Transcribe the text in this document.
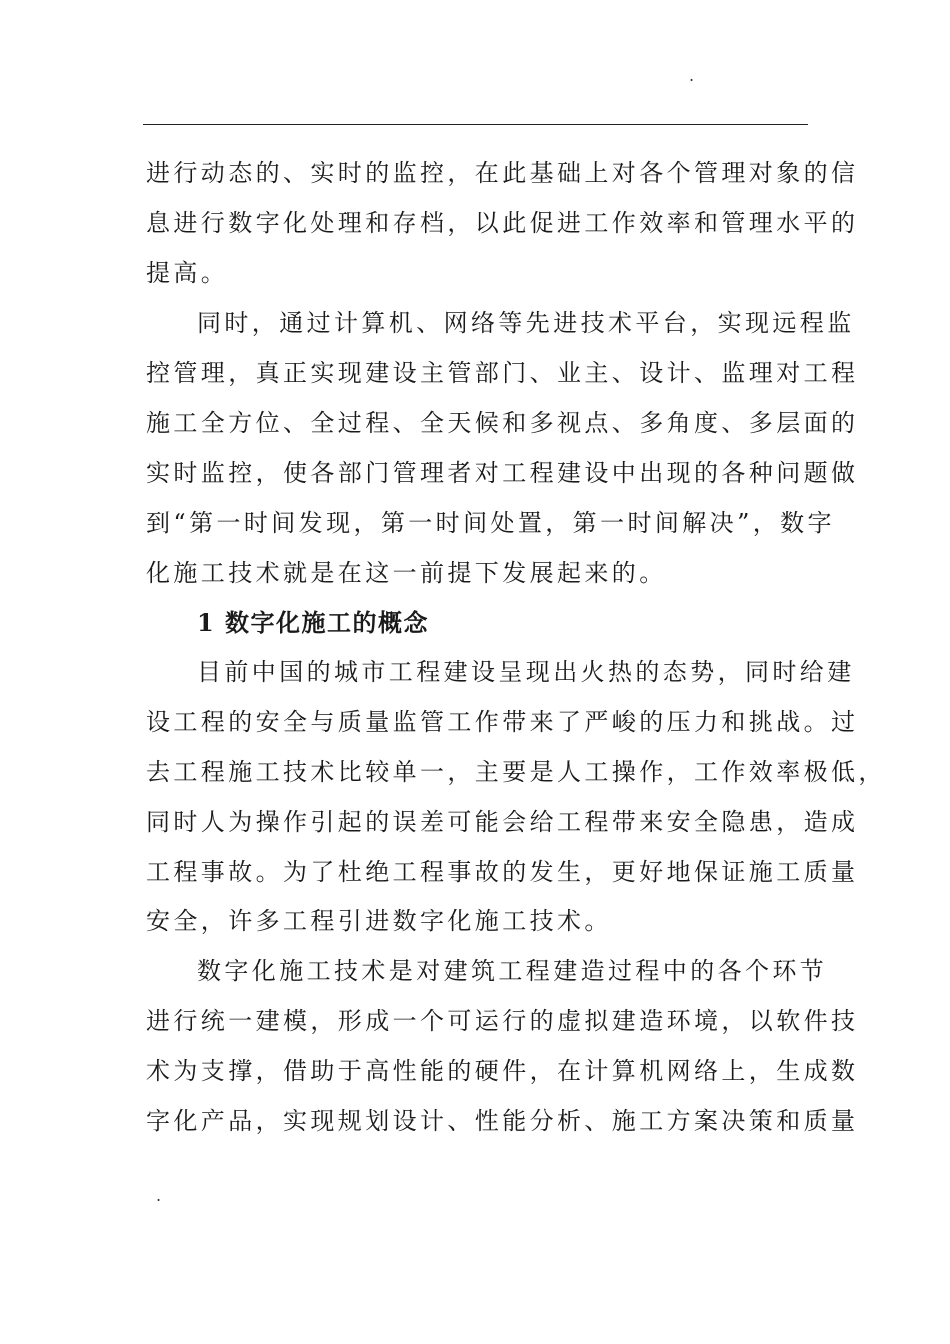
.
进行动态的、实时的监控，在此基础上对各个管理对象的信
息进行数字化处理和存档，以此促进工作效率和管理水平的
提高。
同时，通过计算机、网络等先进技术平台，实现远程监
控管理，真正实现建设主管部门、业主、设计、监理对工程
施工全方位、全过程、全天候和多视点、多角度、多层面的
实时监控，使各部门管理者对工程建设中出现的各种问题做
到“第一时间发现，第一时间处置，第一时间解决”，数字
化施工技术就是在这一前提下发展起来的。
1 数字化施工的概念
目前中国的城市工程建设呈现出火热的态势，同时给建
设工程的安全与质量监管工作带来了严峻的压力和挑战。过
去工程施工技术比较单一，主要是人工操作，工作效率极低，
同时人为操作引起的误差可能会给工程带来安全隐患，造成
工程事故。为了杜绝工程事故的发生，更好地保证施工质量
安全，许多工程引进数字化施工技术。
数字化施工技术是对建筑工程建造过程中的各个环节
进行统一建模，形成一个可运行的虚拟建造环境，以软件技
术为支撑，借助于高性能的硬件，在计算机网络上，生成数
字化产品，实现规划设计、性能分析、施工方案决策和质量
.
